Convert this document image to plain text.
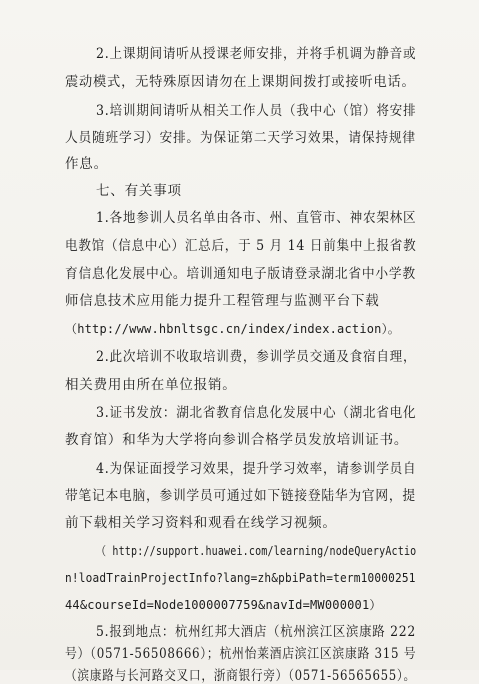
2.上课期间请听从授课老师安排，并将手机调为静音或
震动模式，无特殊原因请勿在上课期间拨打或接听电话。
3.培训期间请听从相关工作人员（我中心（馆）将安排
人员随班学习）安排。为保证第二天学习效果，请保持规律
作息。
七、有关事项
1.各地参训人员名单由各市、州、直管市、神农架林区
电教馆（信息中心）汇总后，于 5 月 14 日前集中上报省教
育信息化发展中心。培训通知电子版请登录湖北省中小学教
师信息技术应用能力提升工程管理与监测平台下载
（http://www.hbnltsgc.cn/index/index.action）。
2.此次培训不收取培训费，参训学员交通及食宿自理，
相关费用由所在单位报销。
3.证书发放：湖北省教育信息化发展中心（湖北省电化
教育馆）和华为大学将向参训合格学员发放培训证书。
4.为保证面授学习效果，提升学习效率，请参训学员自
带笔记本电脑，参训学员可通过如下链接登陆华为官网，提
前下载相关学习资料和观看在线学习视频。
（ http://support.huawei.com/learning/nodeQueryActio
n!loadTrainProjectInfo?lang=zh&pbiPath=term10000251
44&courseId=Node1000007759&navId=MW000001）
5.报到地点：杭州红邦大酒店（杭州滨江区滨康路 222
号）（0571-56508666）；杭州怡莱酒店滨江区滨康路 315 号
（滨康路与长河路交叉口，浙商银行旁）（0571-56565655）。
